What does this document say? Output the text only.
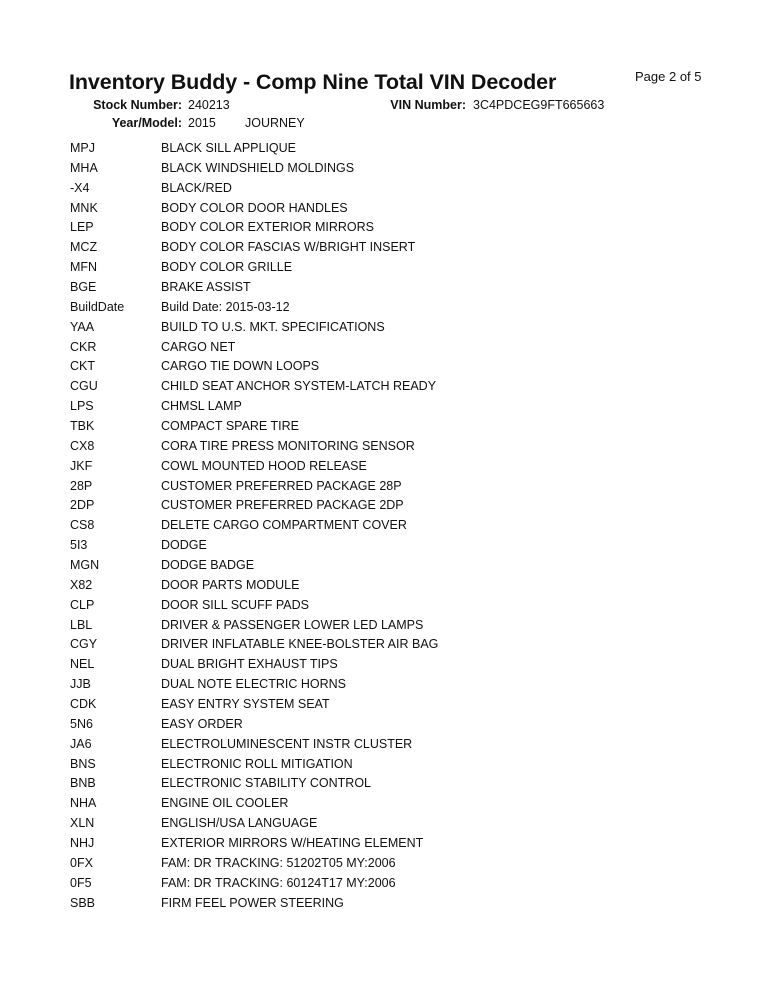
Inventory Buddy - Comp Nine Total VIN Decoder	Page 2 of 5
Stock Number: 240213	VIN Number: 3C4PDCEG9FT665663
Year/Model: 2015 JOURNEY
MPJ	BLACK SILL APPLIQUE
MHA	BLACK WINDSHIELD MOLDINGS
-X4	BLACK/RED
MNK	BODY COLOR DOOR HANDLES
LEP	BODY COLOR EXTERIOR MIRRORS
MCZ	BODY COLOR FASCIAS W/BRIGHT INSERT
MFN	BODY COLOR GRILLE
BGE	BRAKE ASSIST
BuildDate	Build Date: 2015-03-12
YAA	BUILD TO U.S. MKT. SPECIFICATIONS
CKR	CARGO NET
CKT	CARGO TIE DOWN LOOPS
CGU	CHILD SEAT ANCHOR SYSTEM-LATCH READY
LPS	CHMSL LAMP
TBK	COMPACT SPARE TIRE
CX8	CORA TIRE PRESS MONITORING SENSOR
JKF	COWL MOUNTED HOOD RELEASE
28P	CUSTOMER PREFERRED PACKAGE 28P
2DP	CUSTOMER PREFERRED PACKAGE 2DP
CS8	DELETE CARGO COMPARTMENT COVER
5I3	DODGE
MGN	DODGE BADGE
X82	DOOR PARTS MODULE
CLP	DOOR SILL SCUFF PADS
LBL	DRIVER & PASSENGER LOWER LED LAMPS
CGY	DRIVER INFLATABLE KNEE-BOLSTER AIR BAG
NEL	DUAL BRIGHT EXHAUST TIPS
JJB	DUAL NOTE ELECTRIC HORNS
CDK	EASY ENTRY SYSTEM SEAT
5N6	EASY ORDER
JA6	ELECTROLUMINESCENT INSTR CLUSTER
BNS	ELECTRONIC ROLL MITIGATION
BNB	ELECTRONIC STABILITY CONTROL
NHA	ENGINE OIL COOLER
XLN	ENGLISH/USA LANGUAGE
NHJ	EXTERIOR MIRRORS W/HEATING ELEMENT
0FX	FAM: DR TRACKING: 51202T05 MY:2006
0F5	FAM: DR TRACKING: 60124T17 MY:2006
SBB	FIRM FEEL POWER STEERING
